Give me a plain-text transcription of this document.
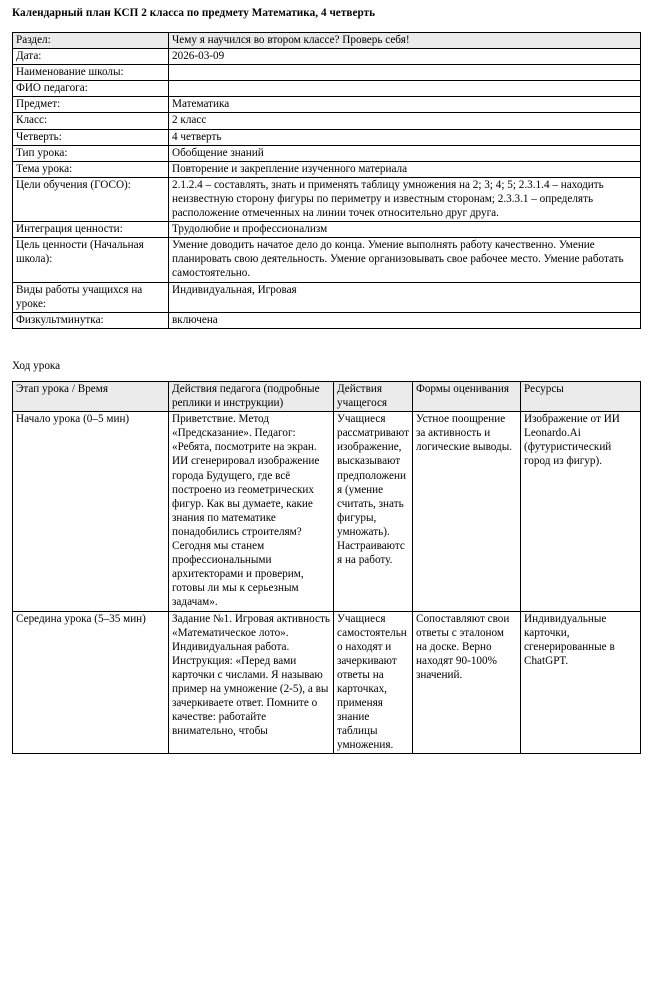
Календарный план КСП 2 класса по предмету Математика, 4 четверть
Раздел:	Чему я научился во втором классе? Проверь себя!
Дата:	2026-03-09
Наименование школы:	
ФИО педагога:	
Предмет:	Математика
Класс:	2 класс
Четверть:	4 четверть
Тип урока:	Обобщение знаний
Тема урока:	Повторение и закрепление изученного материала
Цели обучения (ГОСО):	2.1.2.4 – составлять, знать и применять таблицу умножения на 2; 3; 4; 5; 2.3.1.4 – находить неизвестную сторону фигуры по периметру и известным сторонам; 2.3.3.1 – определять расположение отмеченных на линии точек относительно друг друга.
Интеграция ценности:	Трудолюбие и профессионализм
Цель ценности (Начальная школа):	Умение доводить начатое дело до конца. Умение выполнять работу качественно. Умение планировать свою деятельность. Умение организовывать свое рабочее место. Умение работать самостоятельно.
Виды работы учащихся на уроке:	Индивидуальная, Игровая
Физкультминутка:	включена
Ход урока
Этап урока / Время	Действия педагога (подробные реплики и инструкции)	Действия учащегося	Формы оценивания	Ресурсы
Начало урока (0–5 мин)	Приветствие. Метод «Предсказание». Педагог: «Ребята, посмотрите на экран. ИИ сгенерировал изображение города Будущего, где всё построено из геометрических фигур. Как вы думаете, какие знания по математике понадобились строителям? Сегодня мы станем профессиональными архитекторами и проверим, готовы ли мы к серьезным задачам».	Учащиеся рассматривают изображение, высказывают предположения (умение считать, знать фигуры, умножать). Настраиваются на работу.	Устное поощрение за активность и логические выводы.	Изображение от ИИ Leonardo.Ai (футуристический город из фигур).
Середина урока (5–35 мин)	Задание №1. Игровая активность «Математическое лото». Индивидуальная работа. Инструкция: «Перед вами карточки с числами. Я называю пример на умножение (2-5), а вы зачеркиваете ответ. Помните о качестве: работайте внимательно, чтобы	Учащиеся самостоятельно находят и зачеркивают ответы на карточках, применяя знание таблицы умножения.	Сопоставляют свои ответы с эталоном на доске. Верно находят 90-100% значений.	Индивидуальные карточки, сгенерированные в ChatGPT.
